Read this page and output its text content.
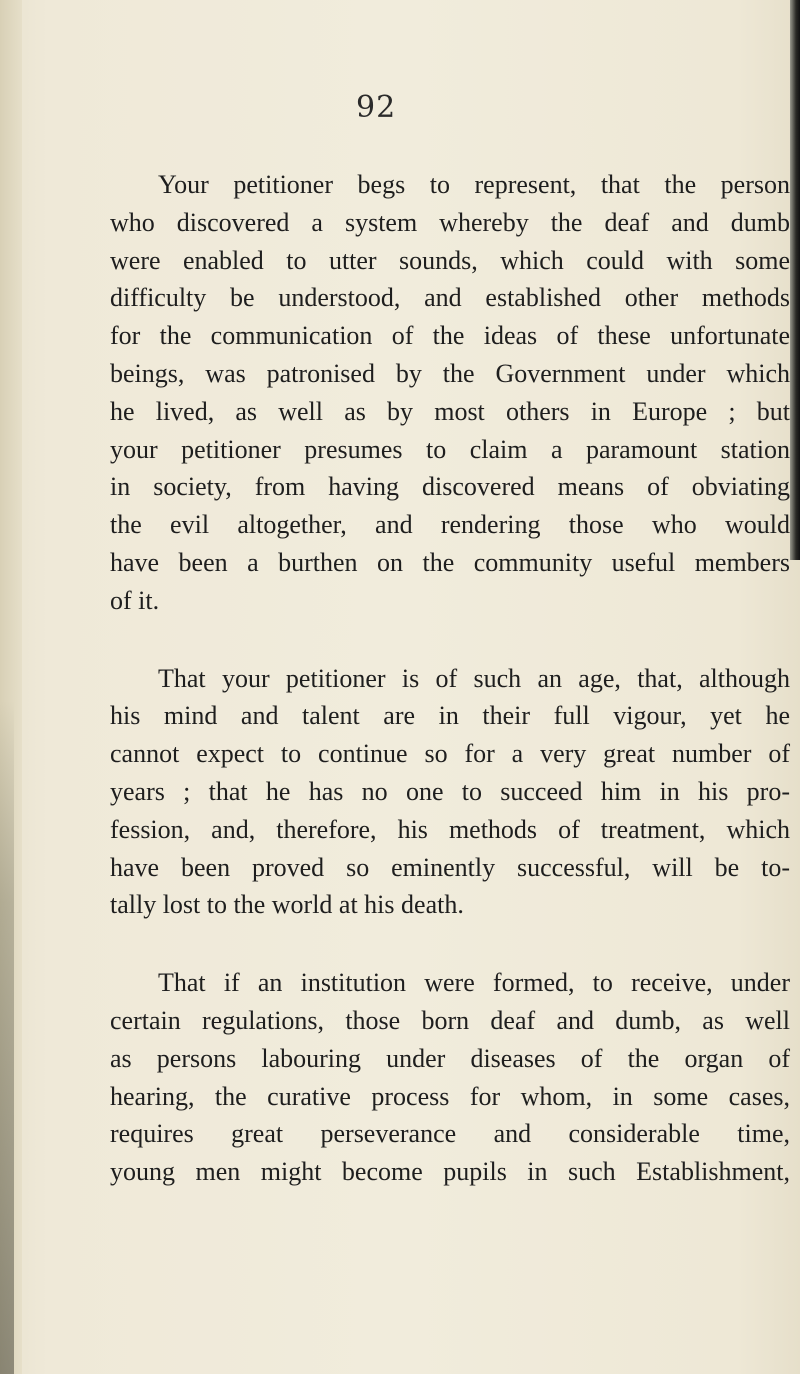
92
Your petitioner begs to represent, that the person
who discovered a system whereby the deaf and dumb
were enabled to utter sounds, which could with some
difficulty be understood, and established other methods
for the communication of the ideas of these unfortunate
beings, was patronised by the Government under which
he lived, as well as by most others in Europe ; but
your petitioner presumes to claim a paramount station
in society, from having discovered means of obviating
the evil altogether, and rendering those who would
have been a burthen on the community useful members
of it.
That your petitioner is of such an age, that, although
his mind and talent are in their full vigour, yet he
cannot expect to continue so for a very great number of
years ; that he has no one to succeed him in his pro-
fession, and, therefore, his methods of treatment, which
have been proved so eminently successful, will be to-
tally lost to the world at his death.
That if an institution were formed, to receive, under
certain regulations, those born deaf and dumb, as well
as persons labouring under diseases of the organ of
hearing, the curative process for whom, in some cases,
requires great perseverance and considerable time,
young men might become pupils in such Establishment,
